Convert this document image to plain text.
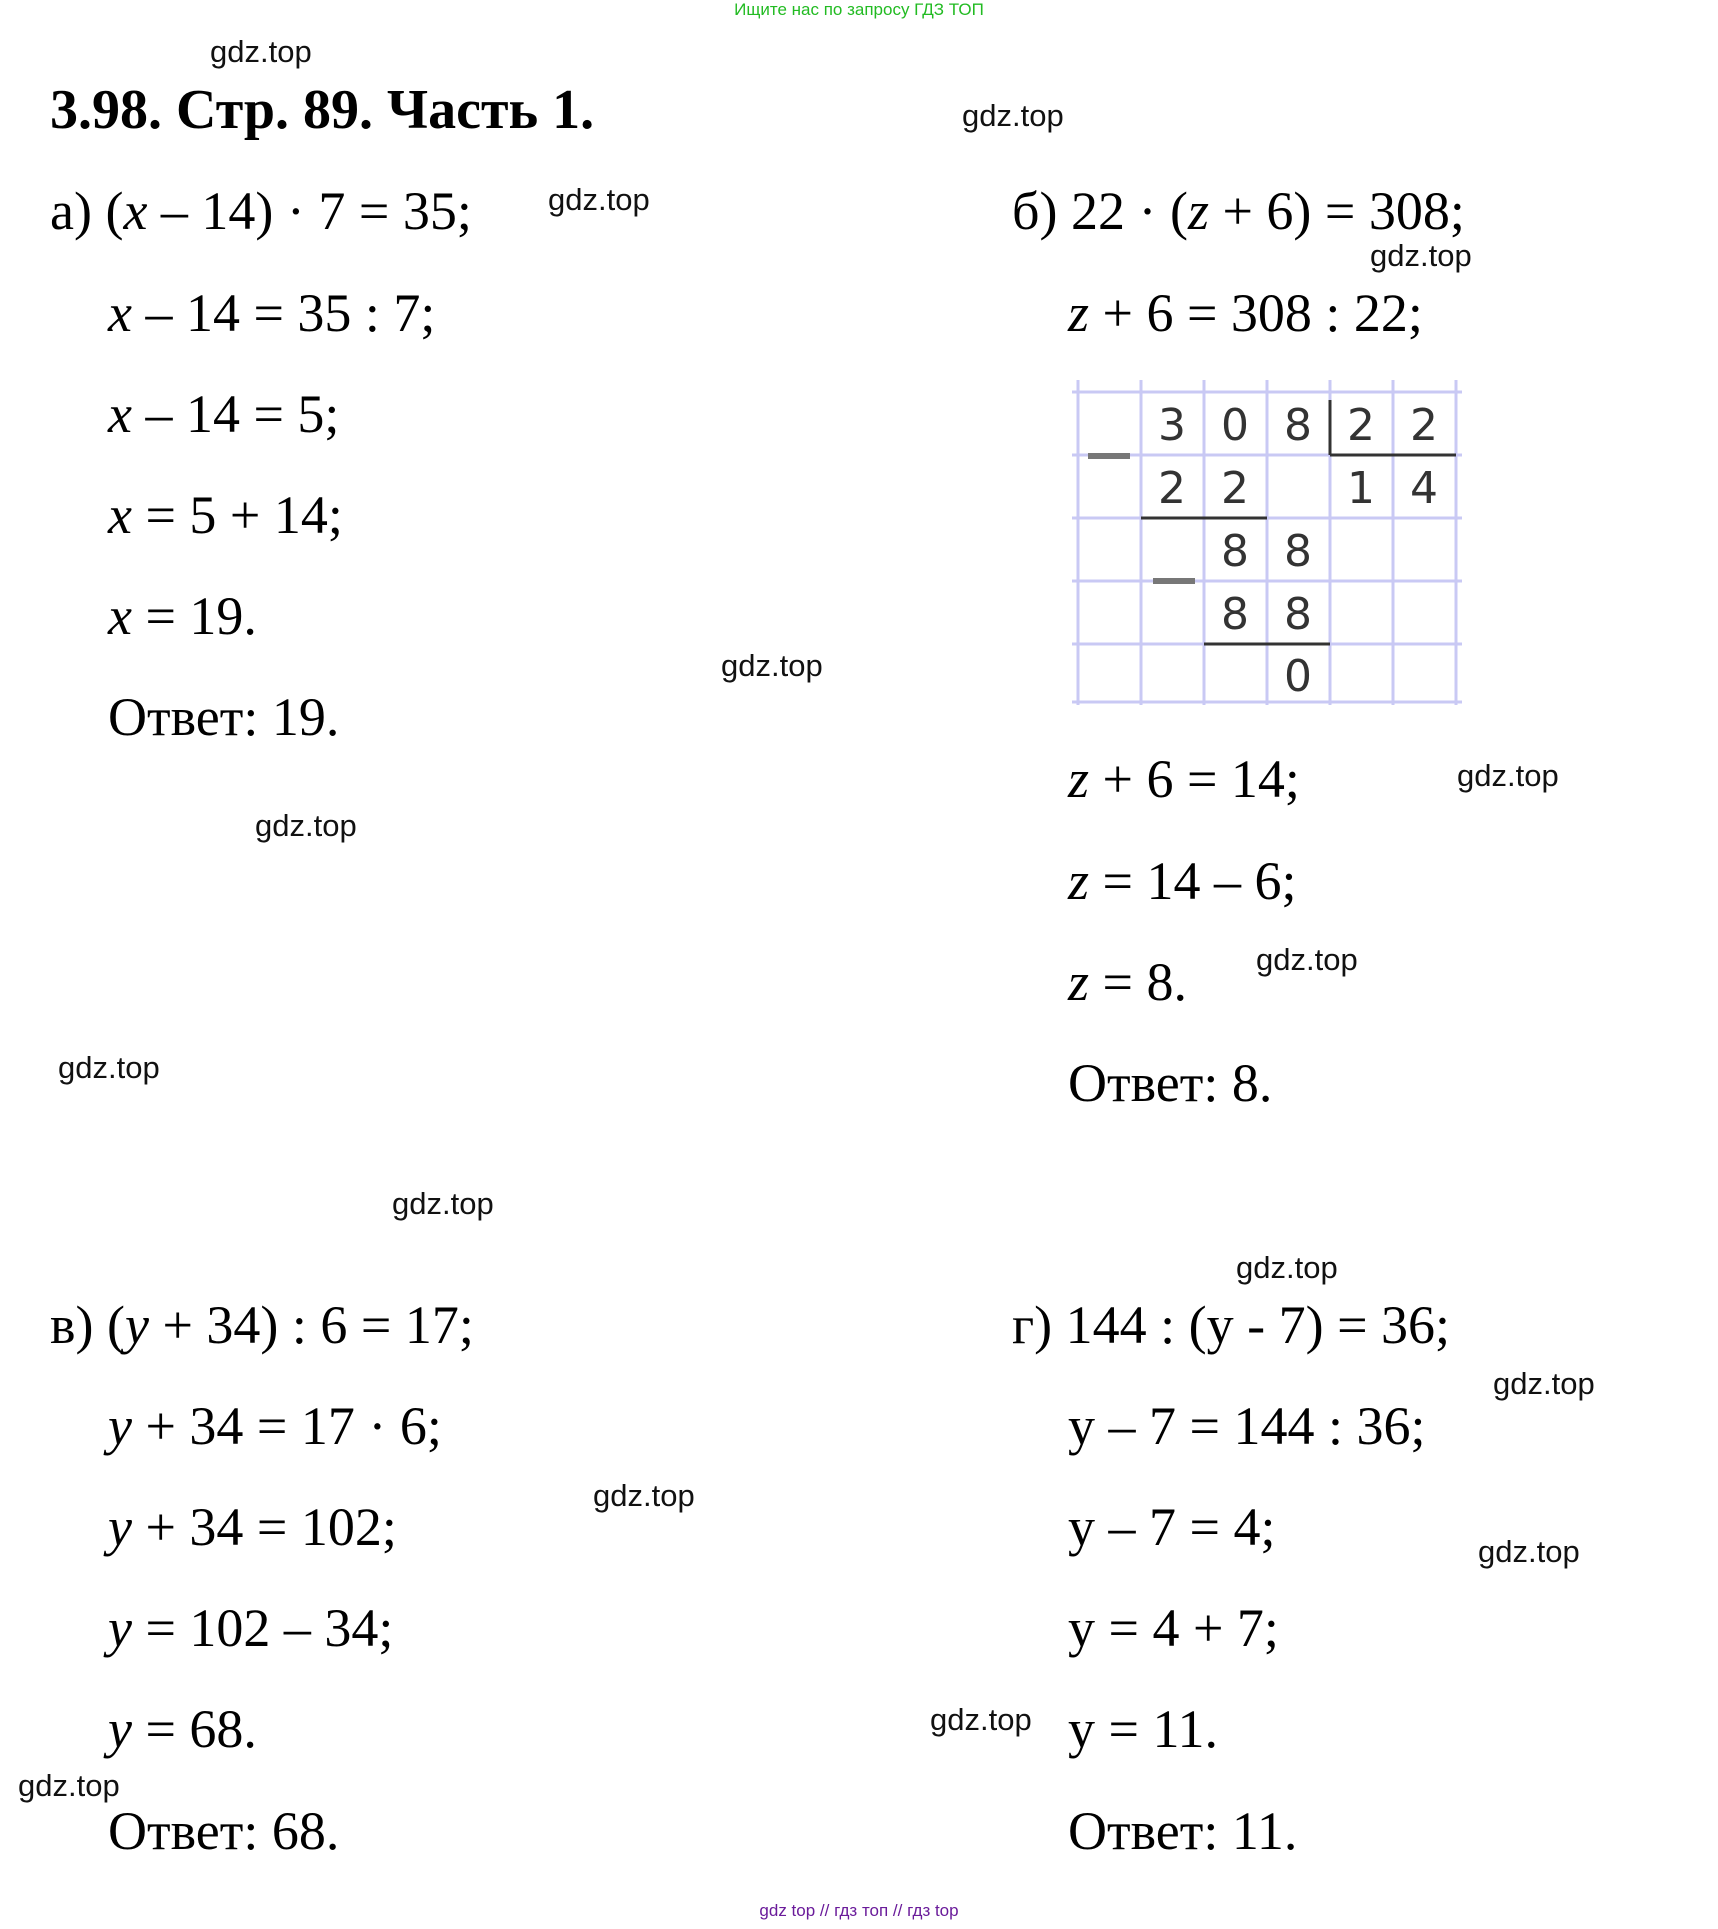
Ищите нас по запросу ГДЗ ТОП
3.98. Стр. 89. Часть 1.
gdz.top
gdz.top
gdz.top
gdz.top
gdz.top
gdz.top
gdz.top
gdz.top
gdz.top
gdz.top
gdz.top
gdz.top
gdz.top
gdz.top
gdz.top
gdz.top
а) (x – 14) · 7 = 35;
x – 14 = 35 : 7;
x – 14 = 5;
x = 5 + 14;
x = 19.
Ответ: 19.
б) 22 · (z + 6) = 308;
z + 6 = 308 : 22;
3 0 8 2 2
2 2 1 4
8 8
8 8
0
z + 6 = 14;
z = 14 – 6;
z = 8.
Ответ: 8.
в) (y + 34) : 6 = 17;
y + 34 = 17 · 6;
y + 34 = 102;
y = 102 – 34;
y = 68.
Ответ: 68.
г) 144 : (y - 7) = 36;
y – 7 = 144 : 36;
y – 7 = 4;
y = 4 + 7;
y = 11.
Ответ: 11.
gdz top // гдз топ // гдз top
